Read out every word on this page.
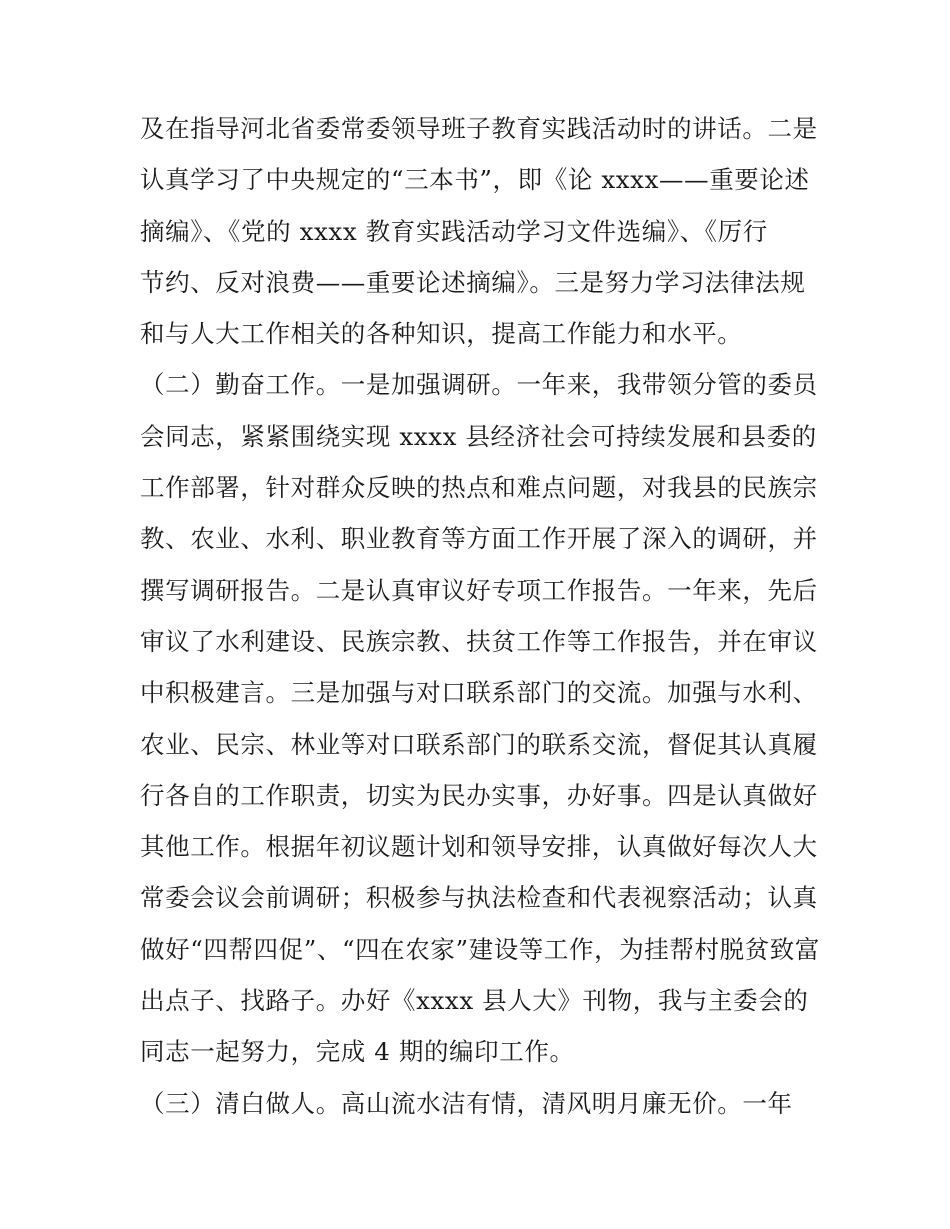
及在指导河北省委常委领导班子教育实践活动时的讲话。二是
认真学习了中央规定的“三本书”，即《论 xxxx——重要论述
摘编》、《党的 xxxx 教育实践活动学习文件选编》、《厉行
节约、反对浪费——重要论述摘编》。三是努力学习法律法规
和与人大工作相关的各种知识，提高工作能力和水平。
（二）勤奋工作。一是加强调研。一年来，我带领分管的委员
会同志，紧紧围绕实现 xxxx 县经济社会可持续发展和县委的
工作部署，针对群众反映的热点和难点问题，对我县的民族宗
教、农业、水利、职业教育等方面工作开展了深入的调研，并
撰写调研报告。二是认真审议好专项工作报告。一年来，先后
审议了水利建设、民族宗教、扶贫工作等工作报告，并在审议
中积极建言。三是加强与对口联系部门的交流。加强与水利、
农业、民宗、林业等对口联系部门的联系交流，督促其认真履
行各自的工作职责，切实为民办实事，办好事。四是认真做好
其他工作。根据年初议题计划和领导安排，认真做好每次人大
常委会议会前调研；积极参与执法检查和代表视察活动；认真
做好“四帮四促”、“四在农家”建设等工作，为挂帮村脱贫致富
出点子、找路子。办好《xxxx 县人大》刊物，我与主委会的
同志一起努力，完成 4 期的编印工作。
（三）清白做人。高山流水洁有情，清风明月廉无价。一年
